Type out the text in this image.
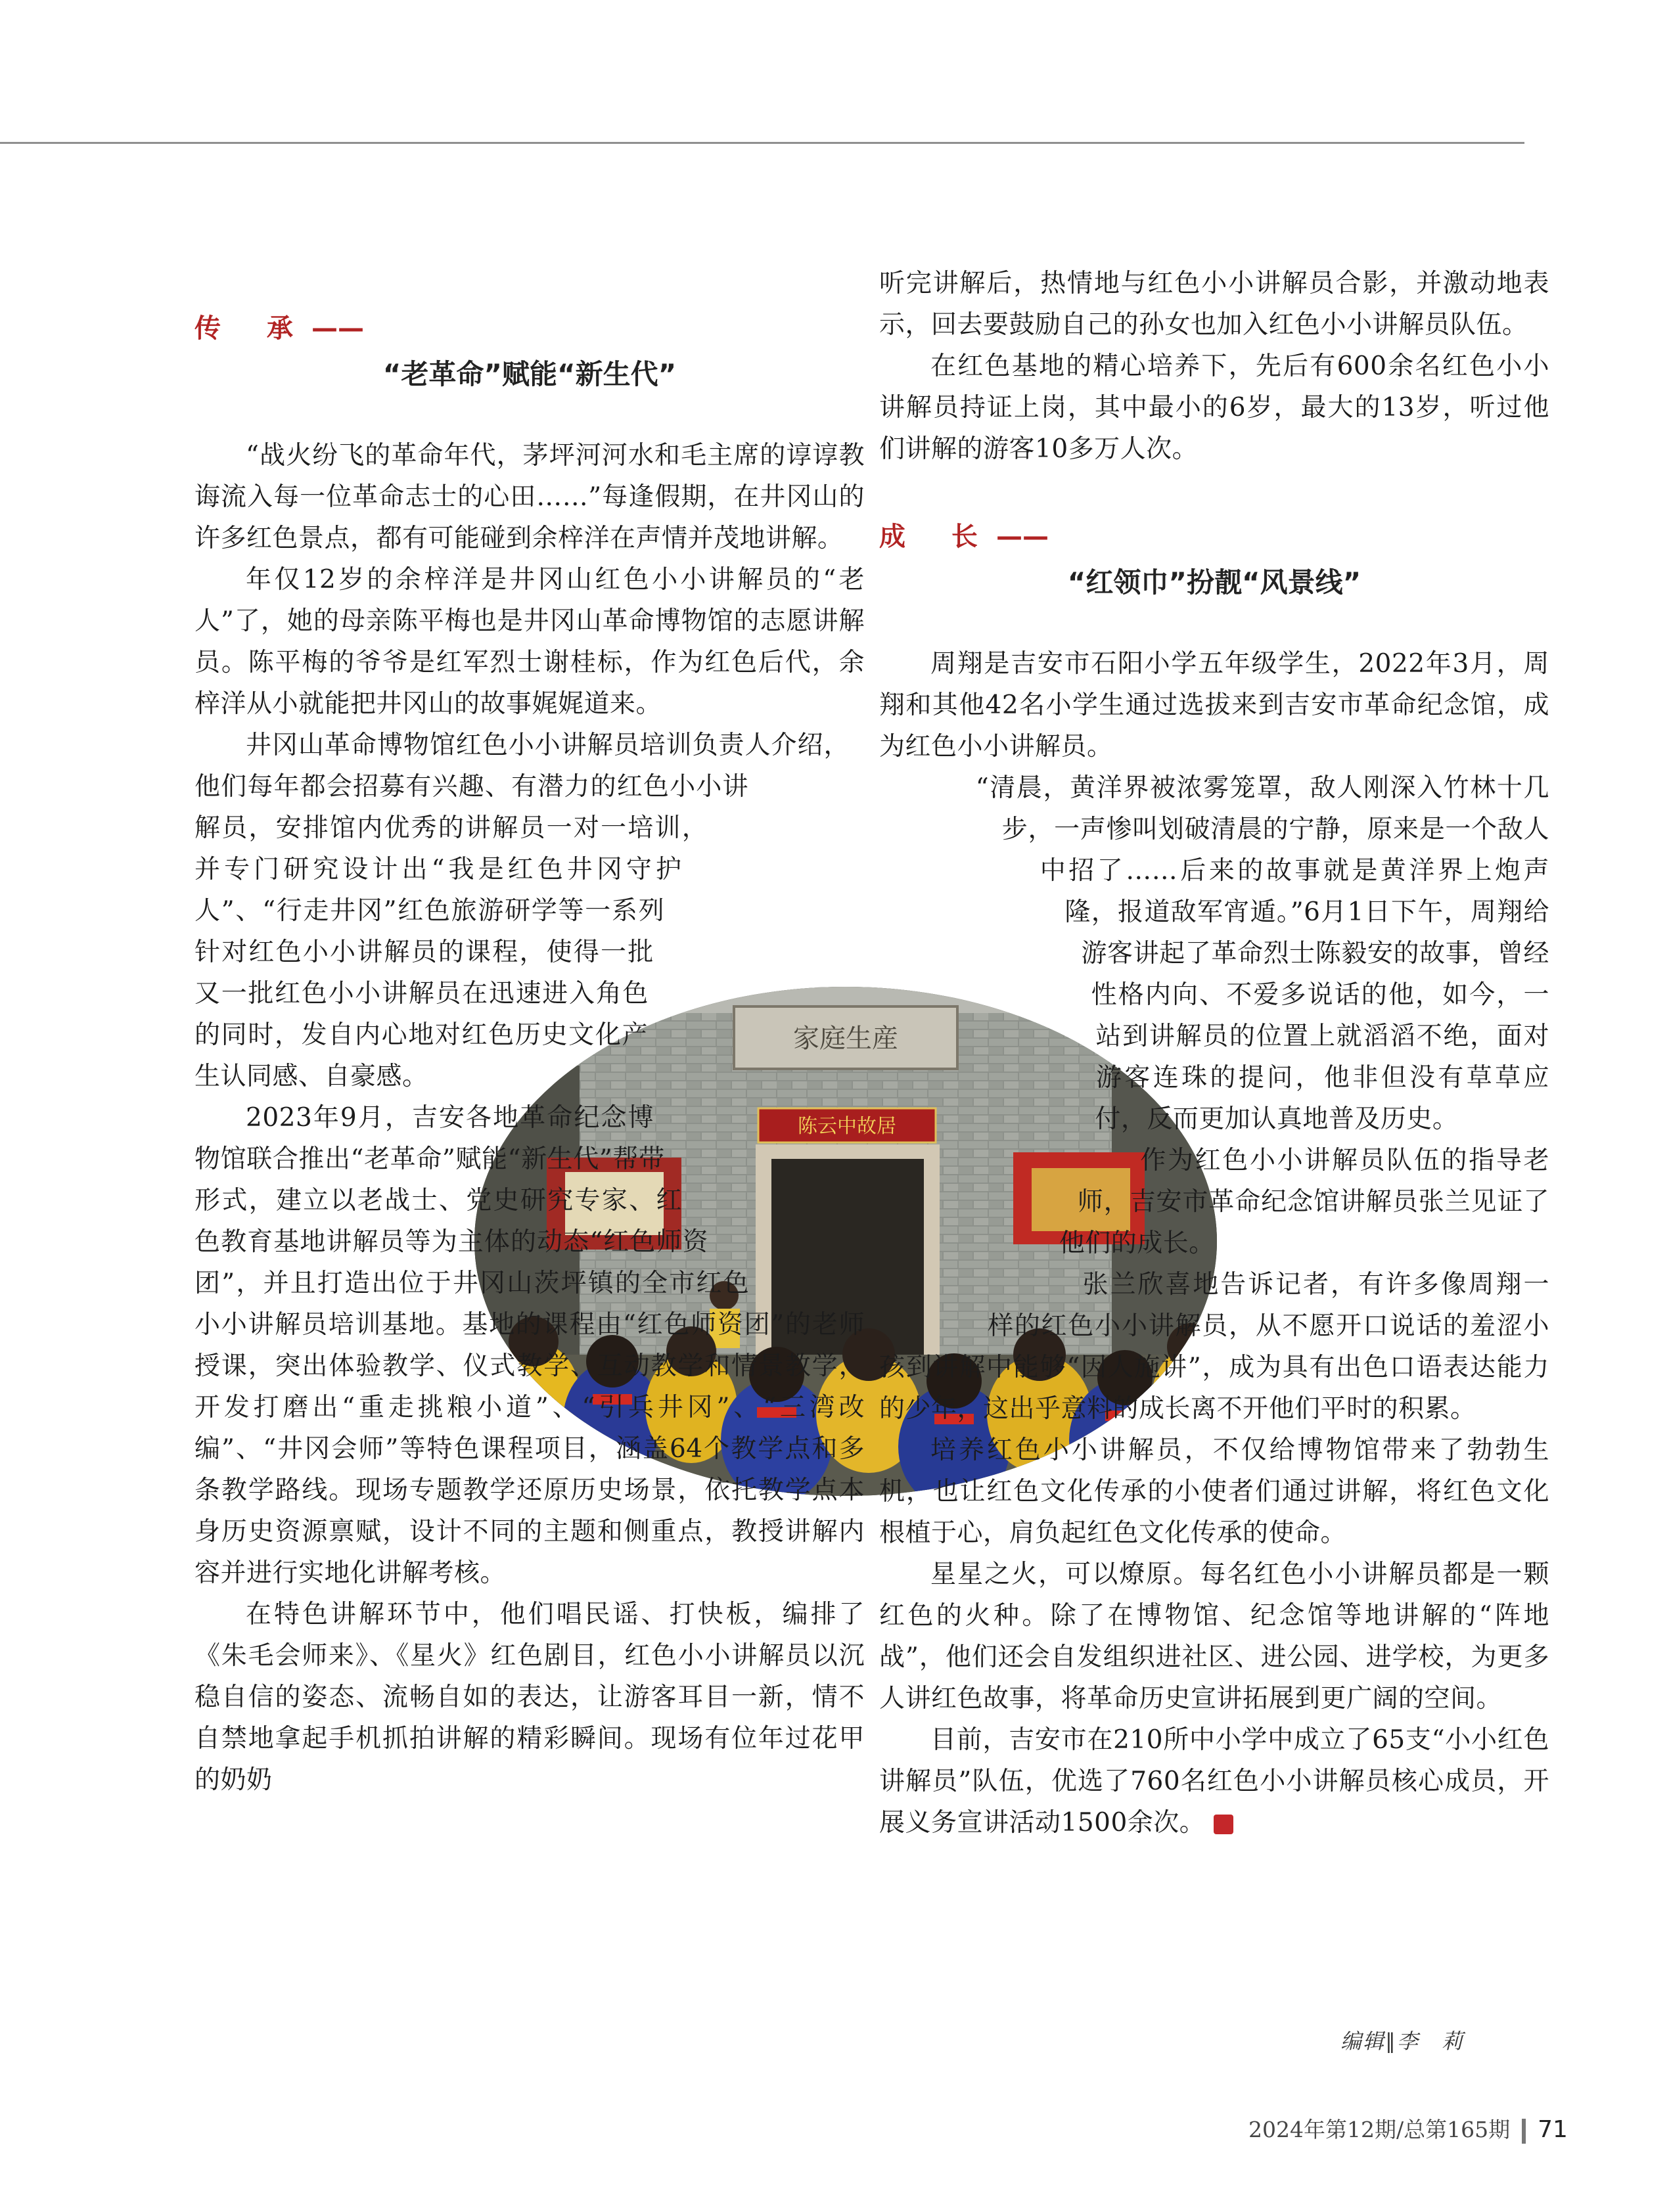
家庭生産
陈云中故居
传 承——
“老革命”赋能“新生代”

“战火纷飞的革命年代，茅坪河河水和毛主席的谆谆教诲流入每一位革命志士的心田……”每逢假期，在井冈山的许多红色景点，都有可能碰到余梓洋在声情并茂地讲解。

年仅12岁的余梓洋是井冈山红色小小讲解员的“老人”了，她的母亲陈平梅也是井冈山革命博物馆的志愿讲解员。陈平梅的爷爷是红军烈士谢桂标，作为红色后代，余梓洋从小就能把井冈山的故事娓娓道来。

井冈山革命博物馆红色小小讲解员培训负责人介绍，他们每年都会招募有兴趣、有潜力的红色小小讲解员，安排馆内优秀的讲解员一对一培训，并专门研究设计出“我是红色井冈守护人”、“行走井冈”红色旅游研学等一系列针对红色小小讲解员的课程，使得一批又一批红色小小讲解员在迅速进入角色的同时，发自内心地对红色历史文化产生认同感、自豪感。

2023年9月，吉安各地革命纪念博物馆联合推出“老革命”赋能“新生代”帮带形式，建立以老战士、党史研究专家、红色教育基地讲解员等为主体的动态“红色师资团”，并且打造出位于井冈山茨坪镇的全市红色小小讲解员培训基地。基地的课程由“红色师资团”的老师授课，突出体验教学、仪式教学、互动教学和情景教学，开发打磨出“重走挑粮小道”、“引兵井冈”、“三湾改编”、“井冈会师”等特色课程项目，涵盖64个教学点和多条教学路线。现场专题教学还原历史场景，依托教学点本身历史资源禀赋，设计不同的主题和侧重点，教授讲解内容并进行实地化讲解考核。

在特色讲解环节中，他们唱民谣、打快板，编排了《朱毛会师来》、《星火》红色剧目，红色小小讲解员以沉稳自信的姿态、流畅自如的表达，让游客耳目一新，情不自禁地拿起手机抓拍讲解的精彩瞬间。现场有位年过花甲的奶奶

听完讲解后，热情地与红色小小讲解员合影，并激动地表示，回去要鼓励自己的孙女也加入红色小小讲解员队伍。

在红色基地的精心培养下，先后有600余名红色小小讲解员持证上岗，其中最小的6岁，最大的13岁，听过他们讲解的游客10多万人次。

成 长——
“红领巾”扮靓“风景线”

周翔是吉安市石阳小学五年级学生，2022年3月，周翔和其他42名小学生通过选拔来到吉安市革命纪念馆，成为红色小小讲解员。

“清晨，黄洋界被浓雾笼罩，敌人刚深入竹林十几步，一声惨叫划破清晨的宁静，原来是一个敌人中招了……后来的故事就是黄洋界上炮声隆，报道敌军宵遁。”6月1日下午，周翔给游客讲起了革命烈士陈毅安的故事，曾经性格内向、不爱多说话的他，如今，一站到讲解员的位置上就滔滔不绝，面对游客连珠的提问，他非但没有草草应付，反而更加认真地普及历史。

作为红色小小讲解员队伍的指导老师，吉安市革命纪念馆讲解员张兰见证了他们的成长。

张兰欣喜地告诉记者，有许多像周翔一样的红色小小讲解员，从不愿开口说话的羞涩小孩到讲解中能够“因人施讲”，成为具有出色口语表达能力的少年，这出乎意料的成长离不开他们平时的积累。

培养红色小小讲解员，不仅给博物馆带来了勃勃生机，也让红色文化传承的小使者们通过讲解，将红色文化根植于心，肩负起红色文化传承的使命。

星星之火，可以燎原。每名红色小小讲解员都是一颗红色的火种。除了在博物馆、纪念馆等地讲解的“阵地战”，他们还会自发组织进社区、进公园、进学校，为更多人讲红色故事，将革命历史宣讲拓展到更广阔的空间。

目前，吉安市在210所中小学中成立了65支“小小红色讲解员”队伍，优选了760名红色小小讲解员核心成员，开展义务宣讲活动1500余次。	G

编辑∥李　莉
2024年第12期/总第165期 71
